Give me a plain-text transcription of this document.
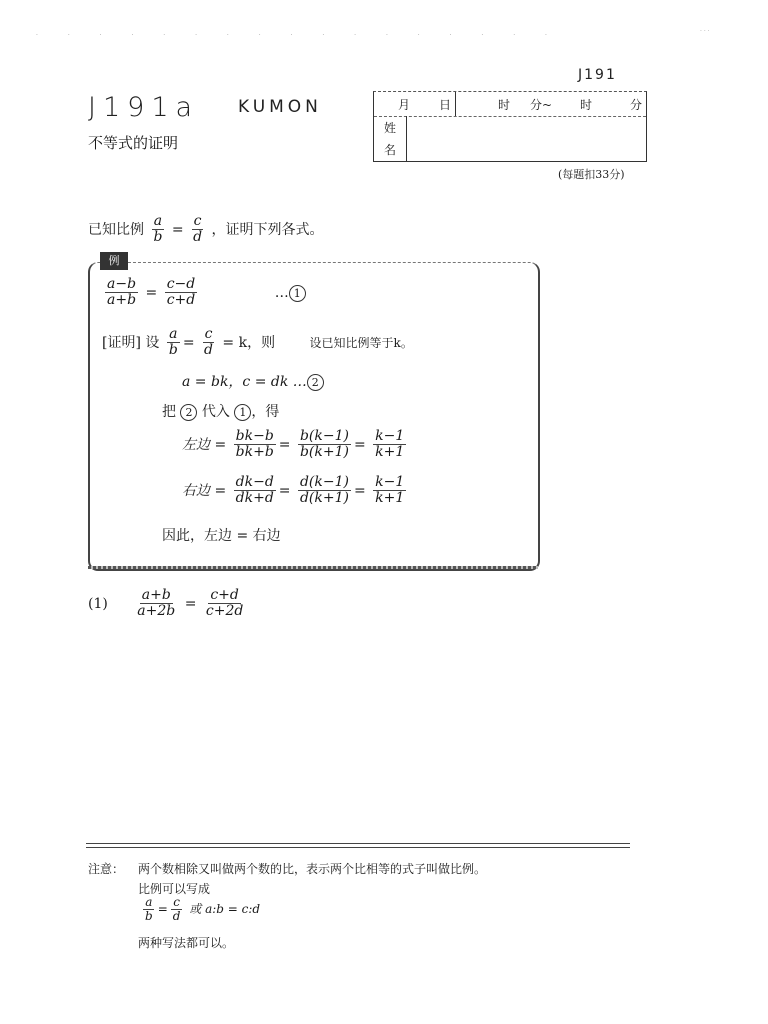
· · · · · · · · · · · · · · · · ·
· · ·
J191
J191a KUMON
不等式的证明
月	日	时	分~	时	分
姓
名
(每题扣33分)
已知比例 $\frac{a}{b} = \frac{c}{d}$ ，证明下列各式。
$\frac{a-b}{a+b} = \frac{c-d}{c+d}$	… 1
[证明] 设 $\frac{a}{b} = \frac{c}{d} = k$，则	设已知比例等于k。
a = bk，c = dk … 2
把 2 代入 1 ，得
左边 = $\frac{bk-b}{bk+b} = \frac{b(k-1)}{b(k+1)} = \frac{k-1}{k+1}$
右边 = $\frac{dk-d}{dk+d} = \frac{d(k-1)}{d(k+1)} = \frac{k-1}{k+1}$
因此，左边 = 右边
例
$(1) \frac{a+b}{a+2b} = \frac{c+d}{c+2d}$
注意： 两个数相除又叫做两个数的比，表示两个比相等的式子叫做比例。
比例可以写成
$\frac{a}{b} = \frac{c}{d}$ 或 a:b = c:d
两种写法都可以。
